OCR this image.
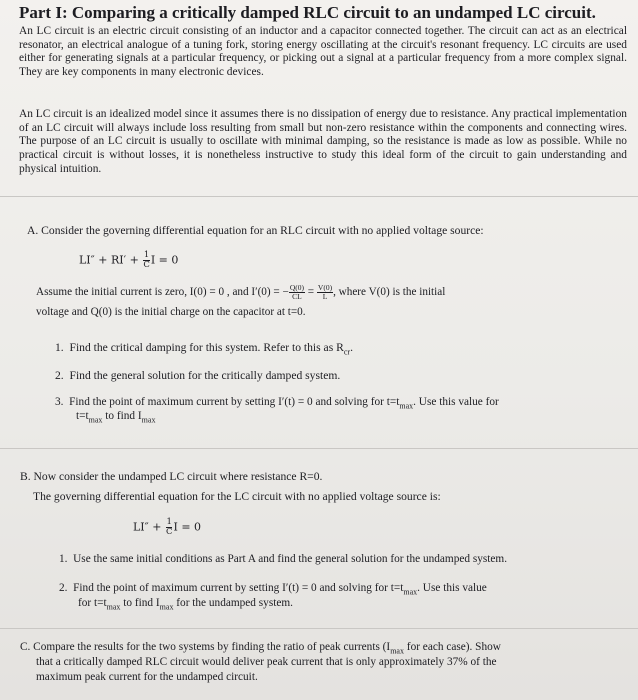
Part I: Comparing a critically damped RLC circuit to an undamped LC circuit.
An LC circuit is an electric circuit consisting of an inductor and a capacitor connected together. The circuit can act as an electrical resonator, an electrical analogue of a tuning fork, storing energy oscillating at the circuit's resonant frequency. LC circuits are used either for generating signals at a particular frequency, or picking out a signal at a particular frequency from a more complex signal. They are key components in many electronic devices.
An LC circuit is an idealized model since it assumes there is no dissipation of energy due to resistance. Any practical implementation of an LC circuit will always include loss resulting from small but non-zero resistance within the components and connecting wires. The purpose of an LC circuit is usually to oscillate with minimal damping, so the resistance is made as low as possible. While no practical circuit is without losses, it is nonetheless instructive to study this ideal form of the circuit to gain understanding and physical intuition.
A. Consider the governing differential equation for an RLC circuit with no applied voltage source:
$LI'' + RI' + \frac{1}{C}$ I = 0
Assume the initial current is zero, I(0) = 0 , and I′(0) = − $\frac{Q(0)}{CL} = \frac{V(0)}{L}$ , where V(0) is the initial
voltage and Q(0) is the initial charge on the capacitor at t=0.
1. Find the critical damping for this system. Refer to this as $R_{cr}$.
2. Find the general solution for the critically damped system.
3. Find the point of maximum current by setting I′(t) = 0 and solving for $t=t_{max}$. Use this value for
$t=t_{max}$ to find $I_{max}$
B. Now consider the undamped LC circuit where resistance R=0.
The governing differential equation for the LC circuit with no applied voltage source is:
$LI'' + \frac{1}{C}$ I = 0
1. Use the same initial conditions as Part A and find the general solution for the undamped system.
2. Find the point of maximum current by setting I′(t) = 0 and solving for $t=t_{max}$. Use this value
for $t=t_{max}$ to find $I_{max}$ for the undamped system.
C. Compare the results for the two systems by finding the ratio of peak currents ($I_{max}$ for each case). Show
that a critically damped RLC circuit would deliver peak current that is only approximately 37% of the
maximum peak current for the undamped circuit.
